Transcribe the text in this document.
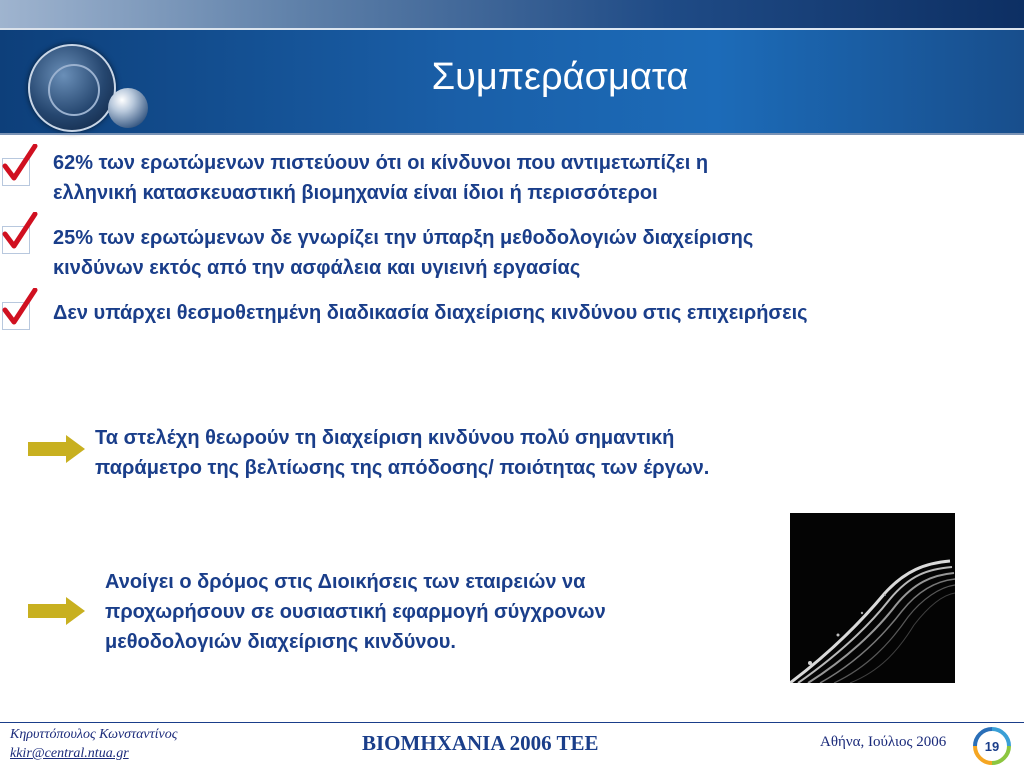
Συμπεράσματα

62% των ερωτώμενων πιστεύουν ότι οι κίνδυνοι που αντιμετωπίζει η
ελληνική κατασκευαστική βιομηχανία είναι ίδιοι ή περισσότεροι

25% των ερωτώμενων δε γνωρίζει την ύπαρξη μεθοδολογιών διαχείρισης
κινδύνων εκτός από την ασφάλεια και υγιεινή εργασίας

Δεν υπάρχει θεσμοθετημένη διαδικασία διαχείρισης κινδύνου στις επιχειρήσεις

Τα στελέχη θεωρούν τη διαχείριση κινδύνου πολύ σημαντική
παράμετρο της βελτίωσης της απόδοσης/ ποιότητας των έργων.

Ανοίγει ο δρόμος στις Διοικήσεις των εταιρειών να
προχωρήσουν σε ουσιαστική εφαρμογή σύγχρονων
μεθοδολογιών διαχείρισης κινδύνου.

Κηρυττόπουλος Κωνσταντίνος

kkir@central.ntua.gr	ΒΙΟΜΗΧΑΝΙΑ 2006 ΤΕΕ	Αθήνα, Ιούλιος 2006	19
